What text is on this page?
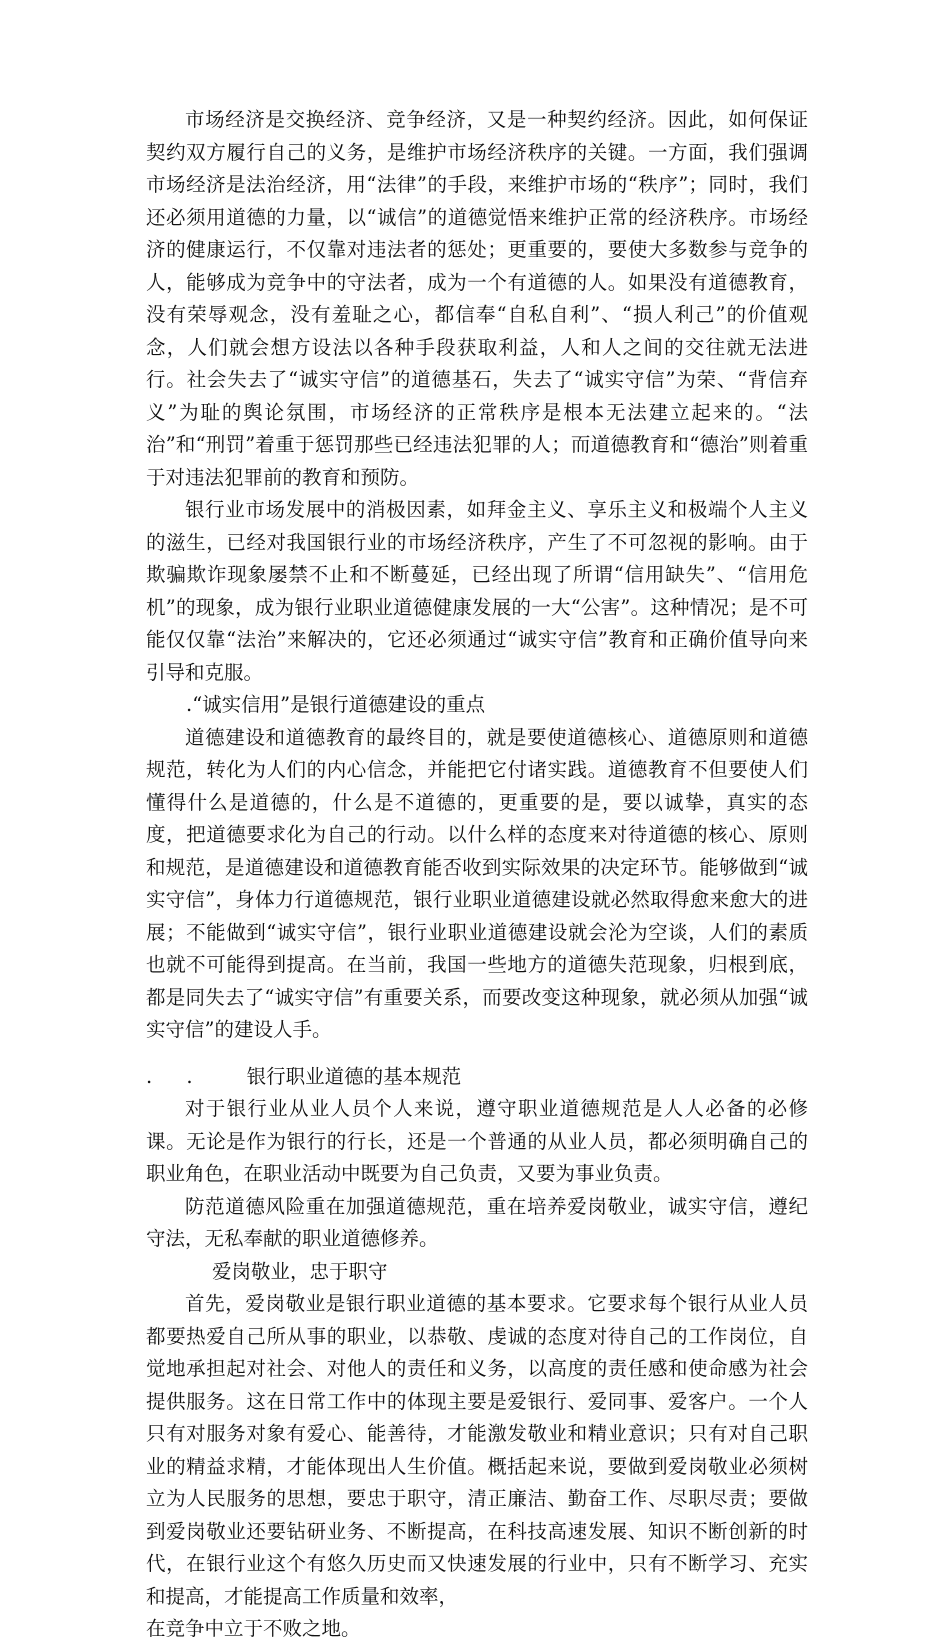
市场经济是交换经济、竞争经济，又是一种契约经济。因此，如何保证契约双方履行自己的义务，是维护市场经济秩序的关键。一方面，我们强调市场经济是法治经济，用“法律”的手段，来维护市场的“秩序”；同时，我们还必须用道德的力量，以“诚信”的道德觉悟来维护正常的经济秩序。市场经济的健康运行，不仅靠对违法者的惩处；更重要的，要使大多数参与竞争的人，能够成为竞争中的守法者，成为一个有道德的人。如果没有道德教育，没有荣辱观念，没有羞耻之心，都信奉“自私自利”、“损人利己”的价值观念，人们就会想方设法以各种手段获取利益，人和人之间的交往就无法进行。社会失去了“诚实守信”的道德基石，失去了“诚实守信”为荣、“背信弃义”为耻的舆论氛围，市场经济的正常秩序是根本无法建立起来的。“法治”和“刑罚”着重于惩罚那些已经违法犯罪的人；而道德教育和“德治”则着重于对违法犯罪前的教育和预防。

银行业市场发展中的消极因素，如拜金主义、享乐主义和极端个人主义的滋生，已经对我国银行业的市场经济秩序，产生了不可忽视的影响。由于欺骗欺诈现象屡禁不止和不断蔓延，已经出现了所谓“信用缺失”、“信用危机”的现象，成为银行业职业道德健康发展的一大“公害”。这种情况；是不可能仅仅靠“法治”来解决的，它还必须通过“诚实守信”教育和正确价值导向来引导和克服。

.“诚实信用”是银行道德建设的重点

道德建设和道德教育的最终目的，就是要使道德核心、道德原则和道德规范，转化为人们的内心信念，并能把它付诸实践。道德教育不但要使人们懂得什么是道德的，什么是不道德的，更重要的是，要以诚挚，真实的态度，把道德要求化为自己的行动。以什么样的态度来对待道德的核心、原则和规范，是道德建设和道德教育能否收到实际效果的决定环节。能够做到“诚实守信”，身体力行道德规范，银行业职业道德建设就必然取得愈来愈大的进展；不能做到“诚实守信”，银行业职业道德建设就会沦为空谈，人们的素质也就不可能得到提高。在当前，我国一些地方的道德失范现象，归根到底，都是同失去了“诚实守信”有重要关系，而要改变这种现象，就必须从加强“诚实守信”的建设人手。

. . 银行职业道德的基本规范

对于银行业从业人员个人来说，遵守职业道德规范是人人必备的必修课。无论是作为银行的行长，还是一个普通的从业人员，都必须明确自己的职业角色，在职业活动中既要为自己负责，又要为事业负责。

防范道德风险重在加强道德规范，重在培养爱岗敬业，诚实守信，遵纪守法，无私奉献的职业道德修养。

爱岗敬业，忠于职守

首先，爱岗敬业是银行职业道德的基本要求。它要求每个银行从业人员都要热爱自己所从事的职业，以恭敬、虔诚的态度对待自己的工作岗位，自觉地承担起对社会、对他人的责任和义务，以高度的责任感和使命感为社会提供服务。这在日常工作中的体现主要是爱银行、爱同事、爱客户。一个人只有对服务对象有爱心、能善待，才能激发敬业和精业意识；只有对自己职业的精益求精，才能体现出人生价值。概括起来说，要做到爱岗敬业必须树立为人民服务的思想，要忠于职守，清正廉洁、勤奋工作、尽职尽责；要做到爱岗敬业还要钻研业务、不断提高，在科技高速发展、知识不断创新的时代，在银行业这个有悠久历史而又快速发展的行业中，只有不断学习、充实和提高，才能提高工作质量和效率，

在竞争中立于不败之地。
